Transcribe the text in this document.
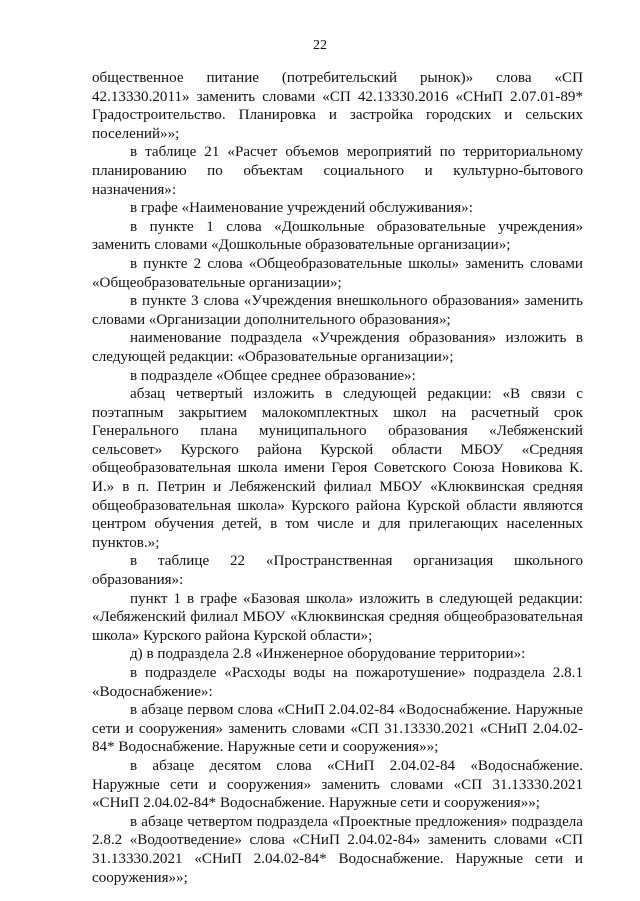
22

общественное питание (потребительский рынок)» слова «СП 42.13330.2011» заменить словами «СП 42.13330.2016 «СНиП 2.07.01-89* Градостроительство. Планировка и застройка городских и сельских поселений»»;

в таблице 21 «Расчет объемов мероприятий по территориальному планированию по объектам социального и культурно-бытового назначения»:

в графе «Наименование учреждений обслуживания»:

в пункте 1 слова «Дошкольные образовательные учреждения» заменить словами «Дошкольные образовательные организации»;

в пункте 2 слова «Общеобразовательные школы» заменить словами «Общеобразовательные организации»;

в пункте 3 слова «Учреждения внешкольного образования» заменить словами «Организации дополнительного образования»;

наименование подраздела «Учреждения образования» изложить в следующей редакции: «Образовательные организации»;

в подразделе «Общее среднее образование»:

абзац четвертый изложить в следующей редакции: «В связи с поэтапным закрытием малокомплектных школ на расчетный срок Генерального плана муниципального образования «Лебяженский сельсовет» Курского района Курской области МБОУ «Средняя общеобразовательная школа имени Героя Советского Союза Новикова К. И.» в п. Петрин и Лебяженский филиал МБОУ «Клюквинская средняя общеобразовательная школа» Курского района Курской области являются центром обучения детей, в том числе и для прилегающих населенных пунктов.»;

в таблице 22 «Пространственная организация школьного образования»:

пункт 1 в графе «Базовая школа» изложить в следующей редакции: «Лебяженский филиал МБОУ «Клюквинская средняя общеобразовательная школа» Курского района Курской области»;

д) в подраздела 2.8 «Инженерное оборудование территории»:

в подразделе «Расходы воды на пожаротушение» подраздела 2.8.1 «Водоснабжение»:

в абзаце первом слова «СНиП 2.04.02-84 «Водоснабжение. Наружные сети и сооружения» заменить словами «СП 31.13330.2021 «СНиП 2.04.02-84* Водоснабжение. Наружные сети и сооружения»»;

в абзаце десятом слова «СНиП 2.04.02-84 «Водоснабжение. Наружные сети и сооружения» заменить словами «СП 31.13330.2021 «СНиП 2.04.02-84* Водоснабжение. Наружные сети и сооружения»»;

в абзаце четвертом подраздела «Проектные предложения» подраздела 2.8.2 «Водоотведение» слова «СНиП 2.04.02-84» заменить словами «СП 31.13330.2021 «СНиП 2.04.02-84* Водоснабжение. Наружные сети и сооружения»»;
